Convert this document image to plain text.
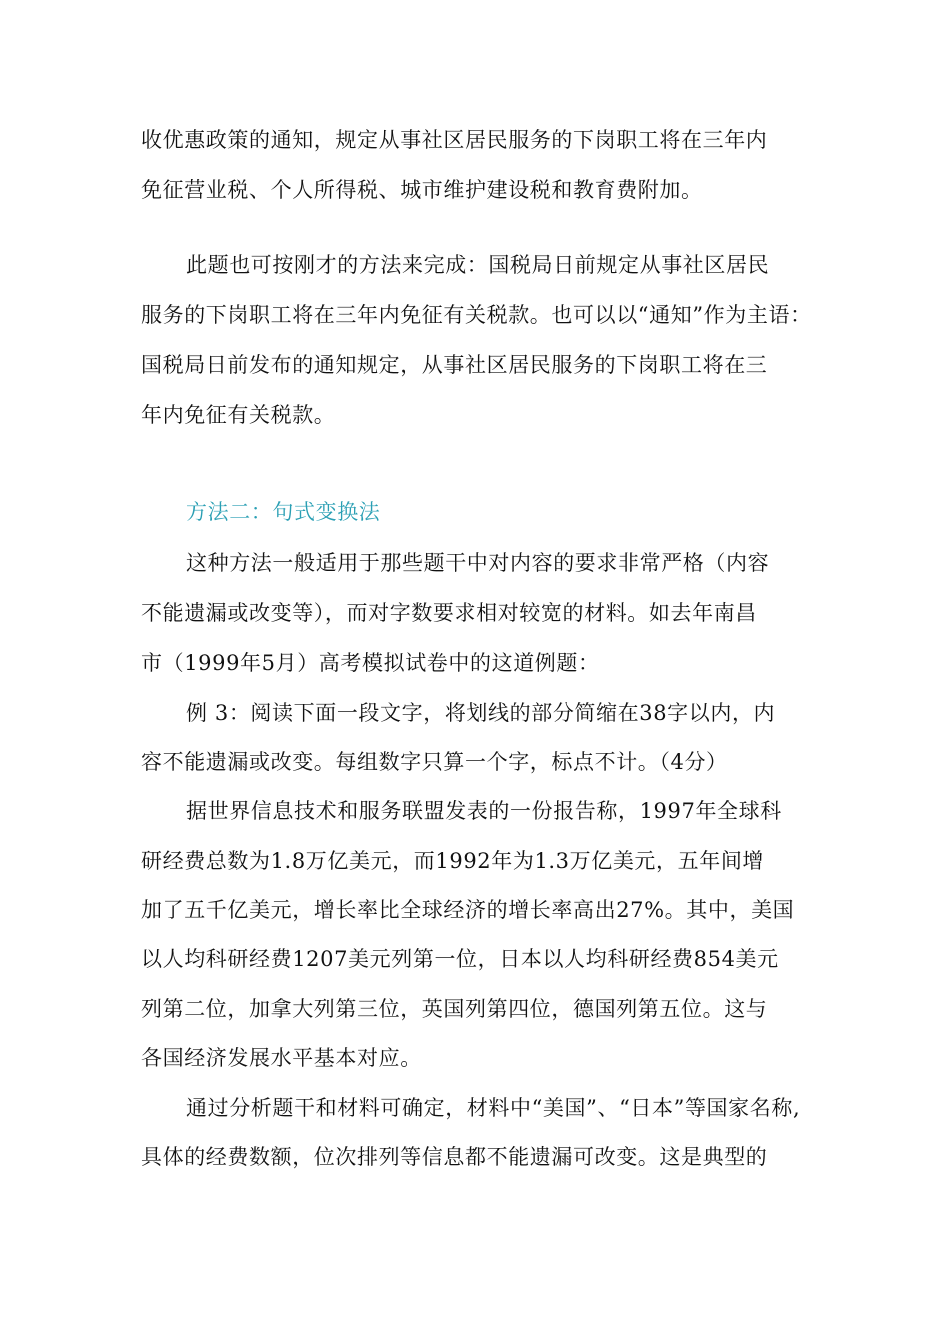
收优惠政策的通知，规定从事社区居民服务的下岗职工将在三年内
免征营业税、个人所得税、城市维护建设税和教育费附加。
此题也可按刚才的方法来完成：国税局日前规定从事社区居民
服务的下岗职工将在三年内免征有关税款。也可以以“通知”作为主语：
国税局日前发布的通知规定，从事社区居民服务的下岗职工将在三
年内免征有关税款。
方法二：句式变换法
这种方法一般适用于那些题干中对内容的要求非常严格（内容
不能遗漏或改变等），而对字数要求相对较宽的材料。如去年南昌
市（1999年5月）高考模拟试卷中的这道例题：
例 3：阅读下面一段文字，将划线的部分简缩在38字以内，内
容不能遗漏或改变。每组数字只算一个字，标点不计。（4分）
据世界信息技术和服务联盟发表的一份报告称，1997年全球科
研经费总数为1.8万亿美元，而1992年为1.3万亿美元，五年间增
加了五千亿美元，增长率比全球经济的增长率高出27%。其中，美国
以人均科研经费1207美元列第一位，日本以人均科研经费854美元
列第二位，加拿大列第三位，英国列第四位，德国列第五位。这与
各国经济发展水平基本对应。
通过分析题干和材料可确定，材料中“美国”、“日本”等国家名称,
具体的经费数额，位次排列等信息都不能遗漏可改变。这是典型的
